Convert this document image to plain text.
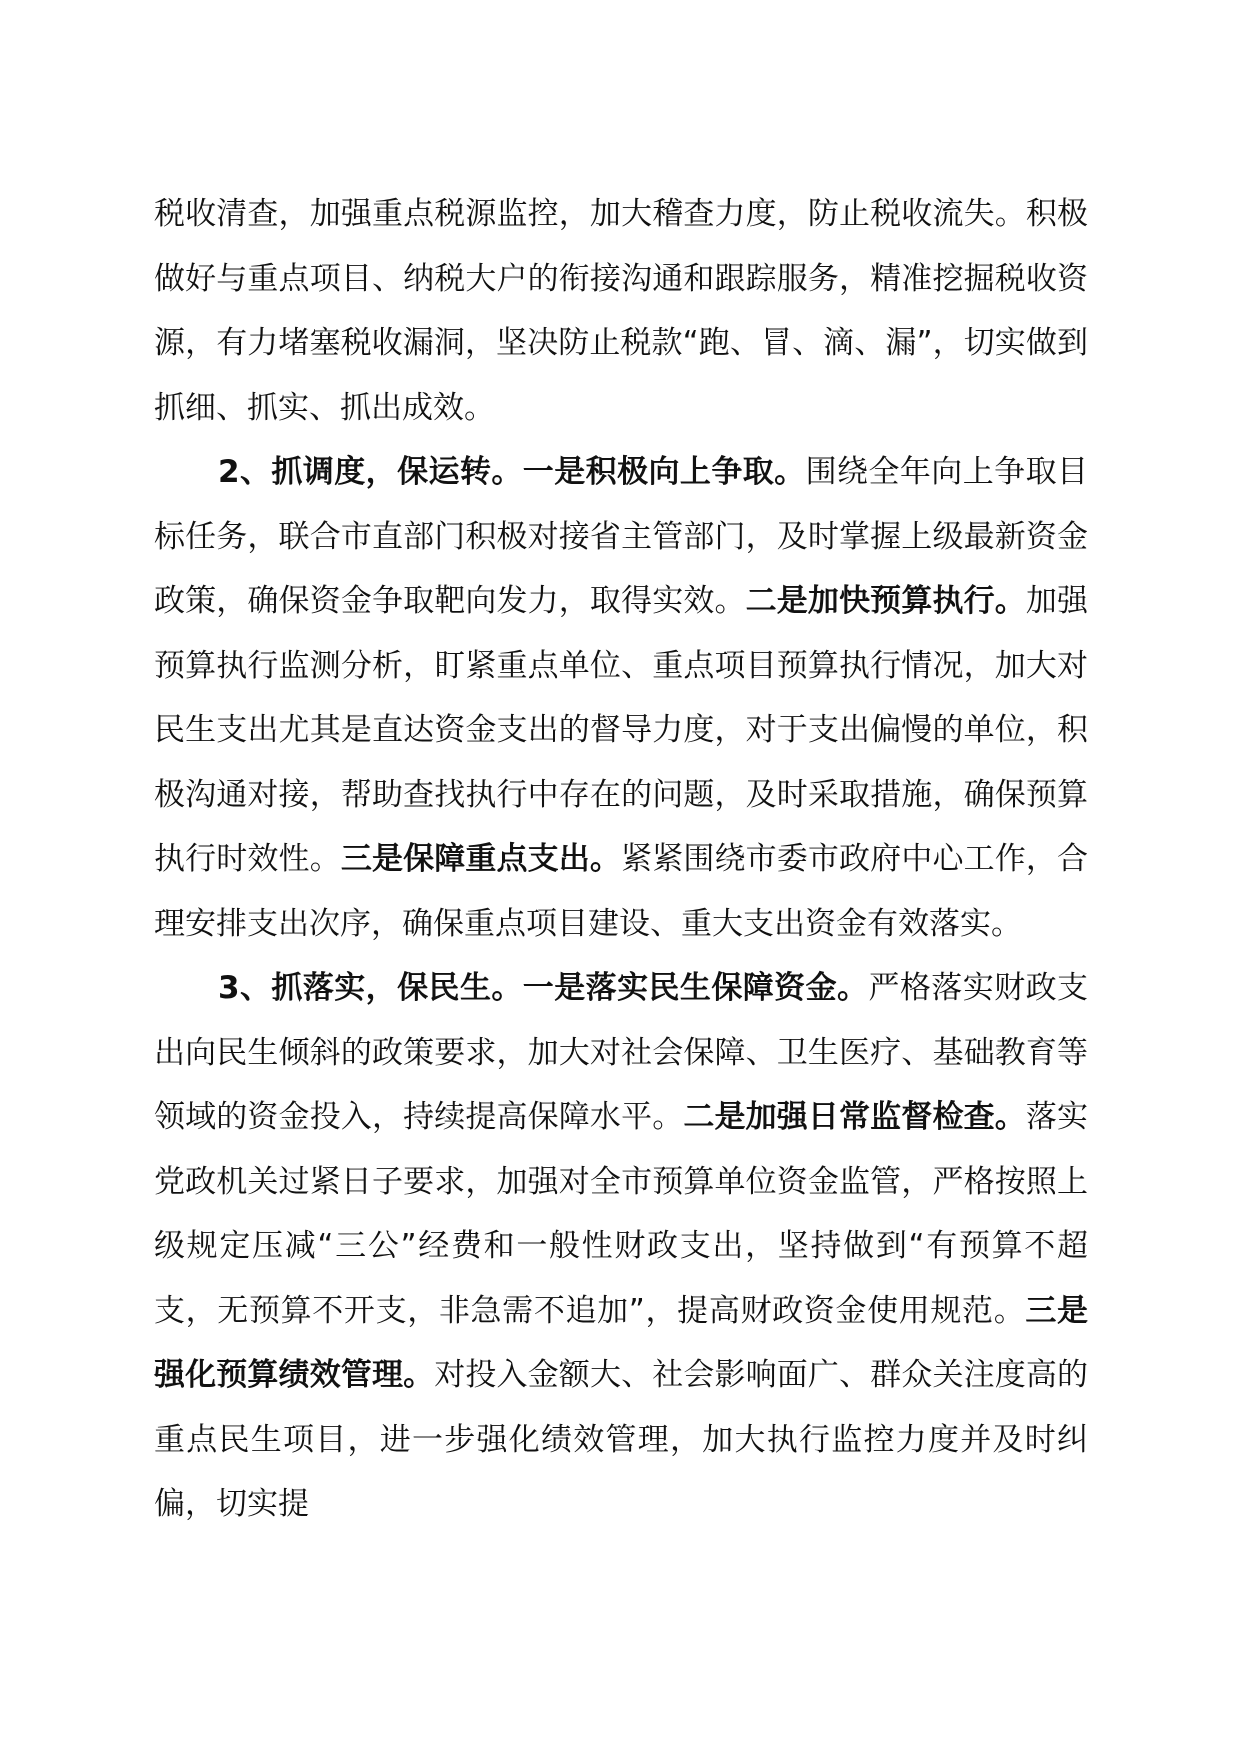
税收清查，加强重点税源监控，加大稽查力度，防止税收流失。积极做好与重点项目、纳税大户的衔接沟通和跟踪服务，精准挖掘税收资源，有力堵塞税收漏洞，坚决防止税款“跑、冒、滴、漏”，切实做到抓细、抓实、抓出成效。

2、抓调度，保运转。一是积极向上争取。围绕全年向上争取目标任务，联合市直部门积极对接省主管部门，及时掌握上级最新资金政策，确保资金争取靶向发力，取得实效。二是加快预算执行。加强预算执行监测分析，盯紧重点单位、重点项目预算执行情况，加大对民生支出尤其是直达资金支出的督导力度，对于支出偏慢的单位，积极沟通对接，帮助查找执行中存在的问题，及时采取措施，确保预算执行时效性。三是保障重点支出。紧紧围绕市委市政府中心工作，合理安排支出次序，确保重点项目建设、重大支出资金有效落实。

3、抓落实，保民生。一是落实民生保障资金。严格落实财政支出向民生倾斜的政策要求，加大对社会保障、卫生医疗、基础教育等领域的资金投入，持续提高保障水平。二是加强日常监督检查。落实党政机关过紧日子要求，加强对全市预算单位资金监管，严格按照上级规定压减“三公”经费和一般性财政支出，坚持做到“有预算不超支，无预算不开支，非急需不追加”，提高财政资金使用规范。三是强化预算绩效管理。对投入金额大、社会影响面广、群众关注度高的重点民生项目，进一步强化绩效管理，加大执行监控力度并及时纠偏，切实提
